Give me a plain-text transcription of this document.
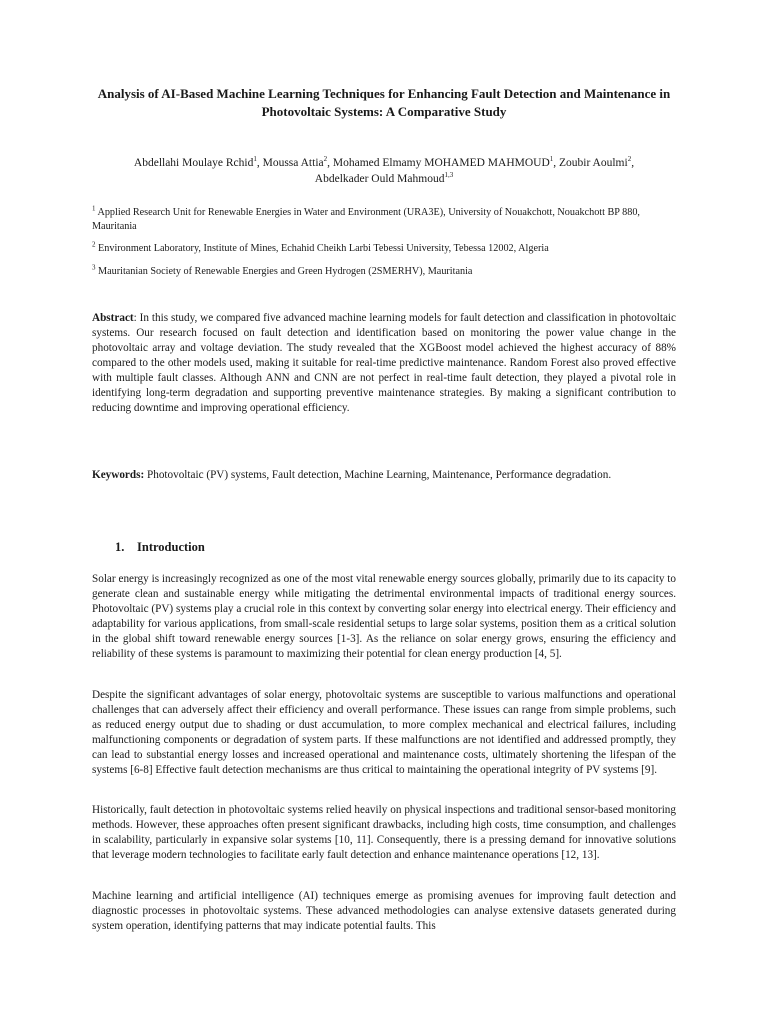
Analysis of AI-Based Machine Learning Techniques for Enhancing Fault Detection and Maintenance in Photovoltaic Systems: A Comparative Study
Abdellahi Moulaye Rchid$^1$, Moussa Attia$^2$, Mohamed Elmamy MOHAMED MAHMOUD$^1$, Zoubir Aoulmi$^2$,
Abdelkader Ould Mahmoud$^{1,3}$
$^1$ Applied Research Unit for Renewable Energies in Water and Environment (URA3E), University of Nouakchott, Nouakchott BP 880, Mauritania
$^2$ Environment Laboratory, Institute of Mines, Echahid Cheikh Larbi Tebessi University, Tebessa 12002, Algeria
$^3$ Mauritanian Society of Renewable Energies and Green Hydrogen (2SMERHV), Mauritania
Abstract: In this study, we compared five advanced machine learning models for fault detection and classification in photovoltaic systems. Our research focused on fault detection and identification based on monitoring the power value change in the photovoltaic array and voltage deviation. The study revealed that the XGBoost model achieved the highest accuracy of 88% compared to the other models used, making it suitable for real-time predictive maintenance. Random Forest also proved effective with multiple fault classes. Although ANN and CNN are not perfect in real-time fault detection, they played a pivotal role in identifying long-term degradation and supporting preventive maintenance strategies. By making a significant contribution to reducing downtime and improving operational efficiency.
Keywords: Photovoltaic (PV) systems, Fault detection, Machine Learning, Maintenance, Performance degradation.
1. Introduction
Solar energy is increasingly recognized as one of the most vital renewable energy sources globally, primarily due to its capacity to generate clean and sustainable energy while mitigating the detrimental environmental impacts of traditional energy sources. Photovoltaic (PV) systems play a crucial role in this context by converting solar energy into electrical energy. Their efficiency and adaptability for various applications, from small-scale residential setups to large solar systems, position them as a critical solution in the global shift toward renewable energy sources [1-3]. As the reliance on solar energy grows, ensuring the efficiency and reliability of these systems is paramount to maximizing their potential for clean energy production [4, 5].
Despite the significant advantages of solar energy, photovoltaic systems are susceptible to various malfunctions and operational challenges that can adversely affect their efficiency and overall performance. These issues can range from simple problems, such as reduced energy output due to shading or dust accumulation, to more complex mechanical and electrical failures, including malfunctioning components or degradation of system parts. If these malfunctions are not identified and addressed promptly, they can lead to substantial energy losses and increased operational and maintenance costs, ultimately shortening the lifespan of the systems [6-8] Effective fault detection mechanisms are thus critical to maintaining the operational integrity of PV systems [9].
Historically, fault detection in photovoltaic systems relied heavily on physical inspections and traditional sensor-based monitoring methods. However, these approaches often present significant drawbacks, including high costs, time consumption, and challenges in scalability, particularly in expansive solar systems [10, 11]. Consequently, there is a pressing demand for innovative solutions that leverage modern technologies to facilitate early fault detection and enhance maintenance operations [12, 13].
Machine learning and artificial intelligence (AI) techniques emerge as promising avenues for improving fault detection and diagnostic processes in photovoltaic systems. These advanced methodologies can analyse extensive datasets generated during system operation, identifying patterns that may indicate potential faults. This
